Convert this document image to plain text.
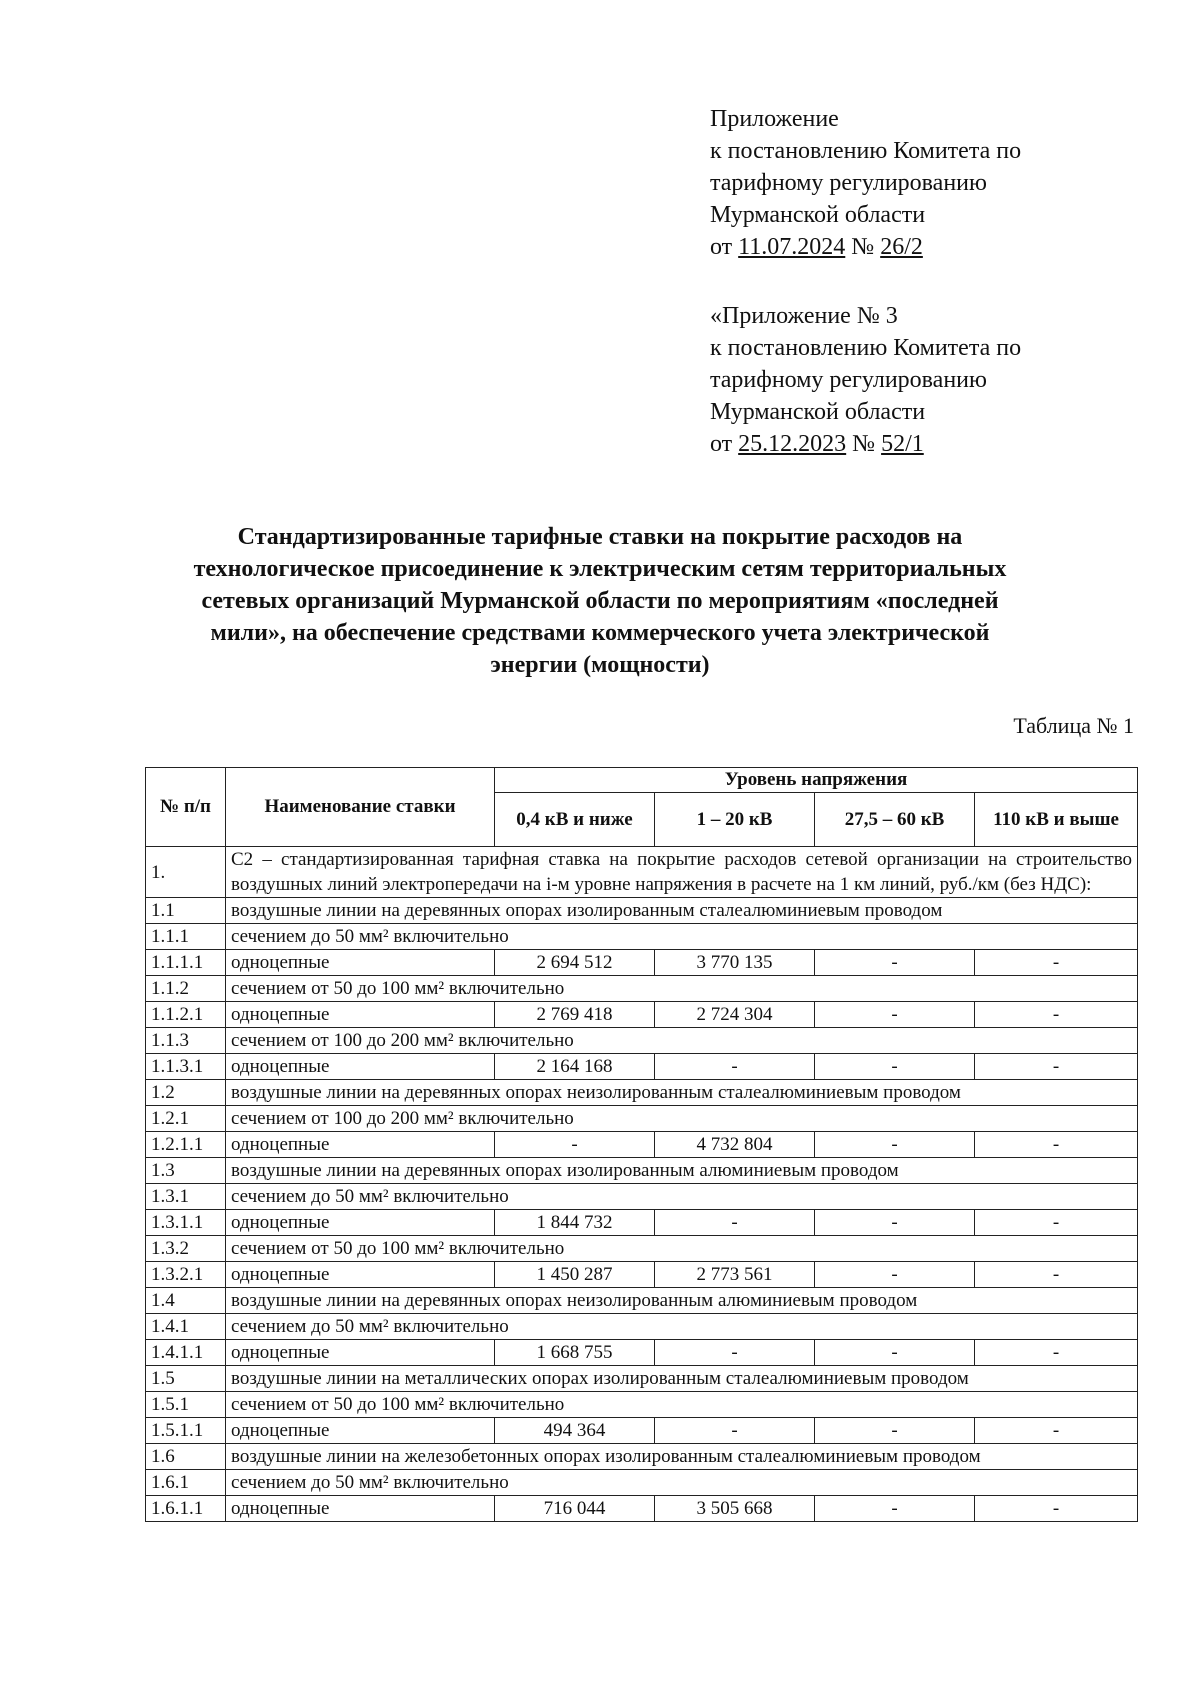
Приложение
к постановлению Комитета по
тарифному регулированию
Мурманской области
от 11.07.2024 № 26/2
«Приложение № 3
к постановлению Комитета по
тарифному регулированию
Мурманской области
от 25.12.2023 № 52/1
Стандартизированные тарифные ставки на покрытие расходов на
технологическое присоединение к электрическим сетям территориальных
сетевых организаций Мурманской области по мероприятиям «последней
мили», на обеспечение средствами коммерческого учета электрической
энергии (мощности)
Таблица № 1
№ п/п	Наименование ставки	Уровень напряжения			
		0,4 кВ и ниже	1 – 20 кВ	27,5 – 60 кВ	110 кВ и выше
1.	С2 – стандартизированная тарифная ставка на покрытие расходов сетевой организации на строительство воздушных линий электропередачи на i-м уровне напряжения в расчете на 1 км линий, руб./км (без НДС):				
1.1	воздушные линии на деревянных опорах изолированным сталеалюминиевым проводом				
1.1.1	сечением до 50 мм² включительно				
1.1.1.1	одноцепные	2 694 512	3 770 135	-	-
1.1.2	сечением от 50 до 100 мм² включительно				
1.1.2.1	одноцепные	2 769 418	2 724 304	-	-
1.1.3	сечением от 100 до 200 мм² включительно				
1.1.3.1	одноцепные	2 164 168	-	-	-
1.2	воздушные линии на деревянных опорах неизолированным сталеалюминиевым проводом				
1.2.1	сечением от 100 до 200 мм² включительно				
1.2.1.1	одноцепные	-	4 732 804	-	-
1.3	воздушные линии на деревянных опорах изолированным алюминиевым проводом				
1.3.1	сечением до 50 мм² включительно				
1.3.1.1	одноцепные	1 844 732	-	-	-
1.3.2	сечением от 50 до 100 мм² включительно				
1.3.2.1	одноцепные	1 450 287	2 773 561	-	-
1.4	воздушные линии на деревянных опорах неизолированным алюминиевым проводом				
1.4.1	сечением до 50 мм² включительно				
1.4.1.1	одноцепные	1 668 755	-	-	-
1.5	воздушные линии на металлических опорах изолированным сталеалюминиевым проводом				
1.5.1	сечением от 50 до 100 мм² включительно				
1.5.1.1	одноцепные	494 364	-	-	-
1.6	воздушные линии на железобетонных опорах изолированным сталеалюминиевым проводом				
1.6.1	сечением до 50 мм² включительно				
1.6.1.1	одноцепные	716 044	3 505 668	-	-
